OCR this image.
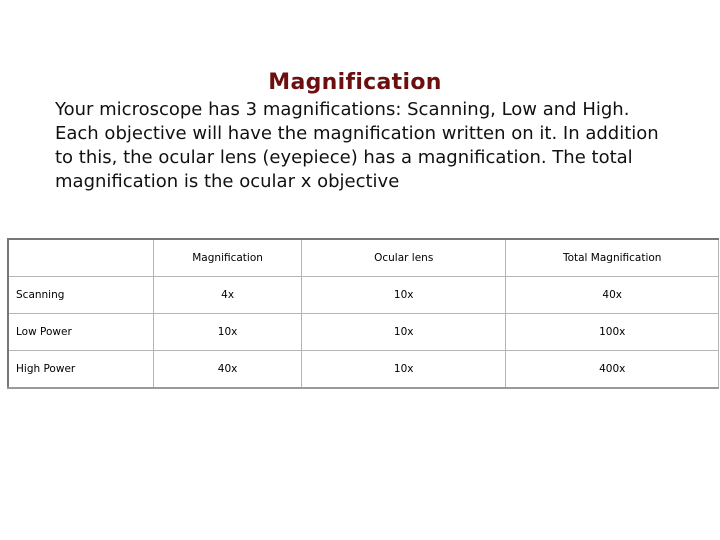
Magnification
Your microscope has 3 magnifications: Scanning, Low and High. Each objective will have the magnification written on it. In addition to this, the ocular lens (eyepiece) has a magnification. The total magnification is the ocular x objective
	Magnification	Ocular lens	Total Magnification
Scanning	4x	10x	40x
Low Power	10x	10x	100x
High Power	40x	10x	400x
